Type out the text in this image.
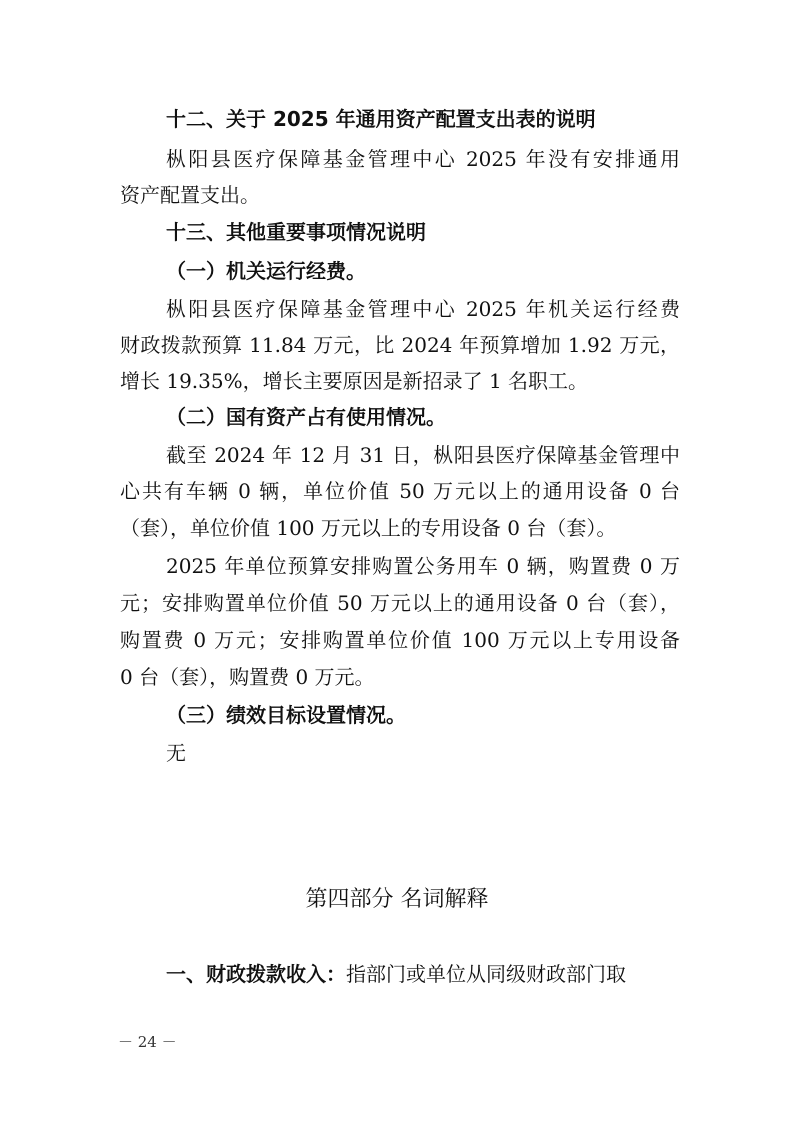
十二、关于 2025 年通用资产配置支出表的说明
枞阳县医疗保障基金管理中心 2025 年没有安排通用
资产配置支出。
十三、其他重要事项情况说明
（一）机关运行经费。
枞阳县医疗保障基金管理中心 2025 年机关运行经费
财政拨款预算 11.84 万元，比 2024 年预算增加 1.92 万元，
增长 19.35%，增长主要原因是新招录了 1 名职工。
（二）国有资产占有使用情况。
截至 2024 年 12 月 31 日，枞阳县医疗保障基金管理中
心共有车辆 0 辆，单位价值 50 万元以上的通用设备 0 台
（套），单位价值 100 万元以上的专用设备 0 台（套）。
2025 年单位预算安排购置公务用车 0 辆，购置费 0 万
元；安排购置单位价值 50 万元以上的通用设备 0 台（套），
购置费 0 万元；安排购置单位价值 100 万元以上专用设备
0 台（套），购置费 0 万元。
（三）绩效目标设置情况。
无
第四部分 名词解释
一、财政拨款收入：指部门或单位从同级财政部门取
－ 24 －
